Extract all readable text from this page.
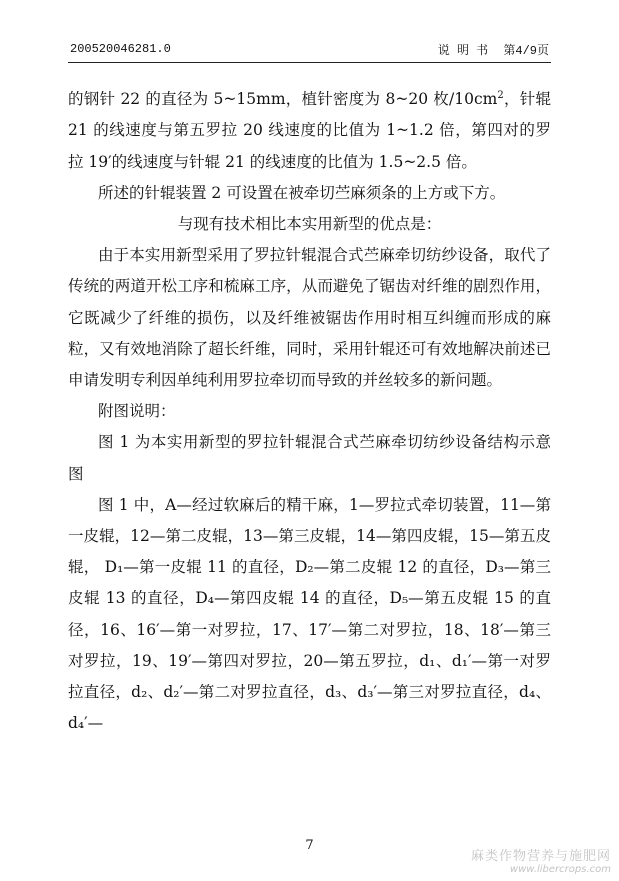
200520046281.0	说 明 书 第4/9页

的钢针 22 的直径为 5~15mm，植针密度为 8~20 枚$/10cm^2$，针辊 21 的线速度与第五罗拉 20 线速度的比值为 1~1.2 倍，第四对的罗拉 19′的线速度与针辊 21 的线速度的比值为 1.5~2.5 倍。

所述的针辊装置 2 可设置在被牵切苎麻须条的上方或下方。

与现有技术相比本实用新型的优点是：

由于本实用新型采用了罗拉针辊混合式苎麻牵切纺纱设备，取代了传统的两道开松工序和梳麻工序，从而避免了锯齿对纤维的剧烈作用，它既减少了纤维的损伤，以及纤维被锯齿作用时相互纠缠而形成的麻粒，又有效地消除了超长纤维，同时，采用针辊还可有效地解决前述已申请发明专利因单纯利用罗拉牵切而导致的并丝较多的新问题。

附图说明：

图 1 为本实用新型的罗拉针辊混合式苎麻牵切纺纱设备结构示意图

图 1 中，A—经过软麻后的精干麻，1—罗拉式牵切装置，11—第一皮辊，12—第二皮辊，13—第三皮辊，14—第四皮辊，15—第五皮辊， D₁—第一皮辊 11 的直径，D₂—第二皮辊 12 的直径，D₃—第三皮辊 13 的直径，D₄—第四皮辊 14 的直径，D₅—第五皮辊 15 的直径，16、16′—第一对罗拉，17、17′—第二对罗拉，18、18′—第三对罗拉，19、19′—第四对罗拉，20—第五罗拉，d₁、d₁′—第一对罗拉直径，d₂、d₂′—第二对罗拉直径，d₃、d₃′—第三对罗拉直径，d₄、d₄′—

7
麻类作物营养与施肥网
www.libercrops.com
